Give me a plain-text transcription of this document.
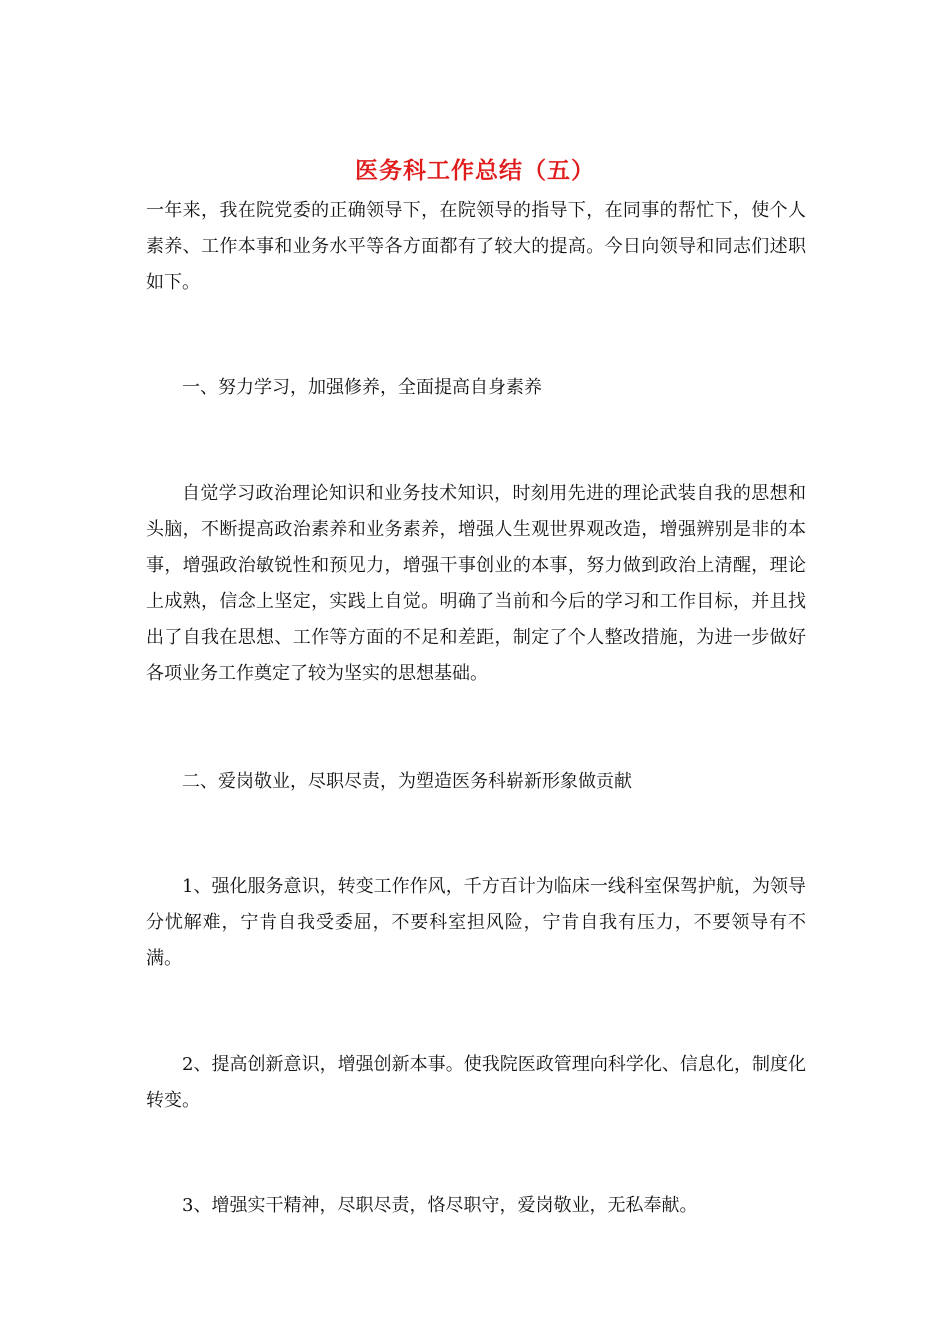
医务科工作总结（五）

一年来，我在院党委的正确领导下，在院领导的指导下，在同事的帮忙下，使个人素养、工作本事和业务水平等各方面都有了较大的提高。今日向领导和同志们述职如下。

一、努力学习，加强修养，全面提高自身素养

自觉学习政治理论知识和业务技术知识，时刻用先进的理论武装自我的思想和头脑，不断提高政治素养和业务素养，增强人生观世界观改造，增强辨别是非的本事，增强政治敏锐性和预见力，增强干事创业的本事，努力做到政治上清醒，理论上成熟，信念上坚定，实践上自觉。明确了当前和今后的学习和工作目标，并且找出了自我在思想、工作等方面的不足和差距，制定了个人整改措施，为进一步做好各项业务工作奠定了较为坚实的思想基础。

二、爱岗敬业，尽职尽责，为塑造医务科崭新形象做贡献

1、强化服务意识，转变工作作风，千方百计为临床一线科室保驾护航，为领导分忧解难，宁肯自我受委屈，不要科室担风险，宁肯自我有压力，不要领导有不满。

2、提高创新意识，增强创新本事。使我院医政管理向科学化、信息化，制度化转变。

3、增强实干精神，尽职尽责，恪尽职守，爱岗敬业，无私奉献。
